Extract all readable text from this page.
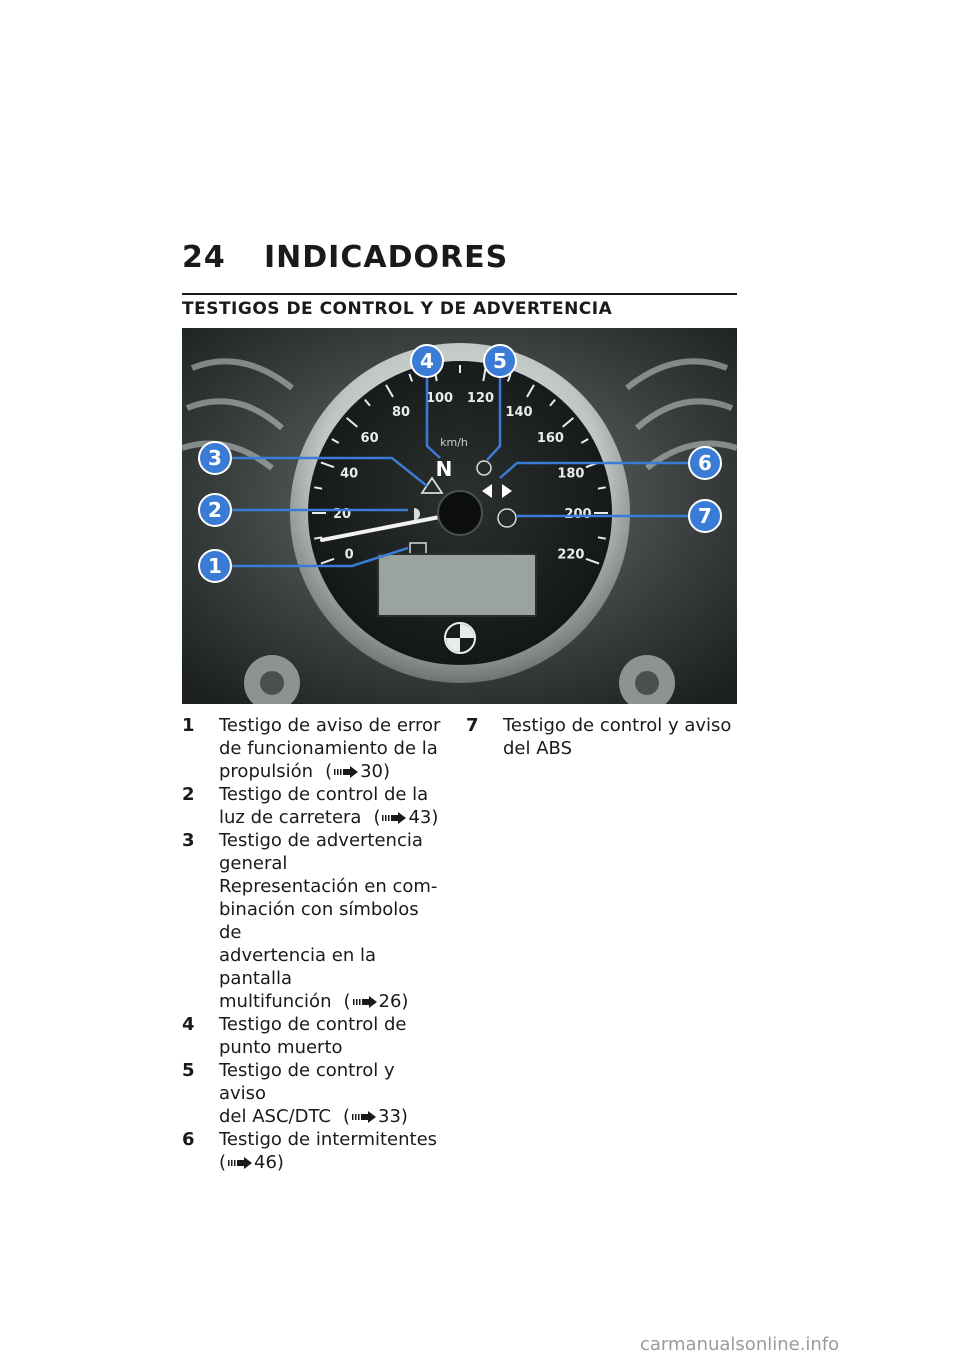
24 INDICADORES
TESTIGOS DE CONTROL Y DE ADVERTENCIA
0
20
40
60
80
100 120
140
160
180
200
220
km/h
N
1
2
3
4	5
6
7
1	Testigo de aviso de error
de funcionamiento de la
propulsión ( 30)
2	Testigo de control de la
luz de carretera ( 43)
3	Testigo de advertencia
general
Representación en com-
binación con símbolos de
advertencia en la pantalla
multifunción ( 26)
4	Testigo de control de
punto muerto
5	Testigo de control y aviso
del ASC/DTC ( 33)
6	Testigo de intermitentes
( 46)
7	Testigo de control y aviso
del ABS
carmanualsonline.info
